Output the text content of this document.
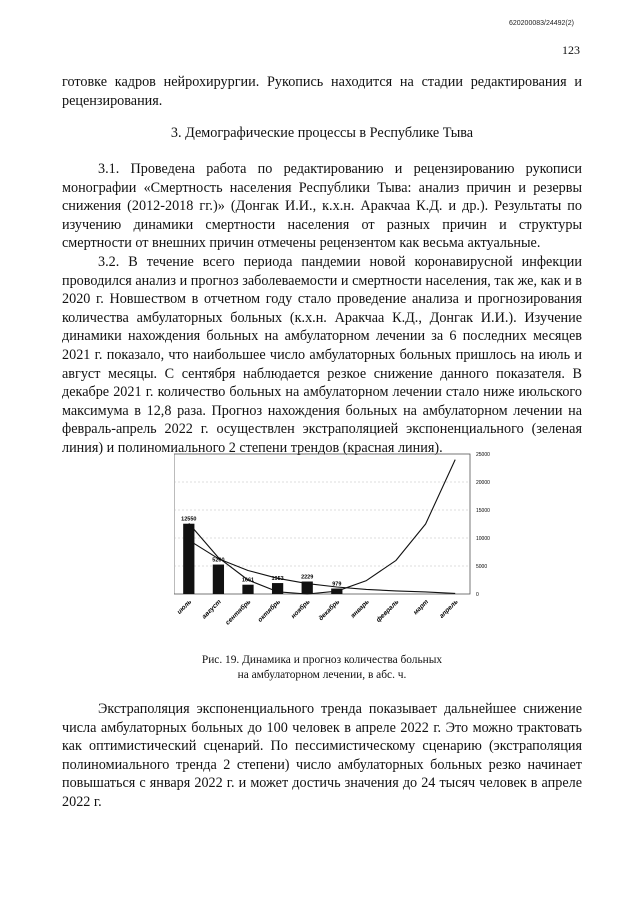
620200083/24492(2)
123

готовке кадров нейрохирургии. Рукопись находится на стадии редактирования и рецензирования.

3. Демографические процессы в Республике Тыва

3.1. Проведена работа по редактированию и рецензированию рукописи монографии «Смертность населения Республики Тыва: анализ причин и резервы снижения (2012-2018 гг.)» (Донгак И.И., к.х.н. Аракчаа К.Д. и др.). Результаты по изучению динамики смертности населения от разных причин и структуры смертности от внешних причин отмечены рецензентом как весьма актуальные.

3.2. В течение всего периода пандемии новой коронавирусной инфекции проводился анализ и прогноз заболеваемости и смертности населения, так же, как и в 2020 г. Новшеством в отчетном году стало проведение анализа и прогнозирования количества амбулаторных больных (к.х.н. Аракчаа К.Д., Донгак И.И.). Изучение динамики нахождения больных на амбулаторном лечении за 6 последних месяцев 2021 г. показало, что наибольшее число амбулаторных больных пришлось на июль и август месяцы. С сентября наблюдается резкое снижение данного показателя. В декабре 2021 г. количество больных на амбулаторном лечении стало ниже июльского максимума в 12,8 раза. Прогноз нахождения больных на амбулаторном лечении на февраль-апрель 2022 г. осуществлен экстраполяцией экспоненциального (зеленая линия) и полиномиального 2 степени трендов (красная линия).

12550
5260
1661	1953	2229
979
0
5000
10000
15000
20000
25000
июль август сентябрь октябрь ноябрь декабрь январь февраль март апрель
Рис. 19. Динамика и прогноз количества больных
на амбулаторном лечении, в абс. ч.

Экстраполяция экспоненциального тренда показывает дальнейшее снижение числа амбулаторных больных до 100 человек в апреле 2022 г. Это можно трактовать как оптимистический сценарий. По пессимистическому сценарию (экстраполяция полиномиального тренда 2 степени) число амбулаторных больных резко начинает повышаться с января 2022 г. и может достичь значения до 24 тысяч человек в апреле 2022 г.
